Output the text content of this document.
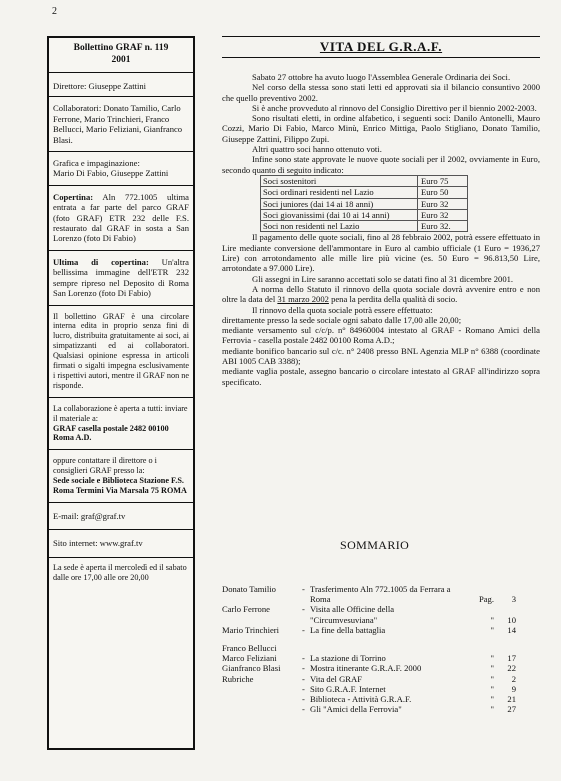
2

Bollettino GRAF n. 119

2001

Direttore: Giuseppe Zattini

Collaboratori: Donato Tamilio, Carlo Ferrone, Mario Trinchieri, Franco Bellucci, Mario Feliziani, Gianfranco Blasi.

Grafica e impaginazione:

Mario Di Fabio, Giuseppe Zattini

Copertina: Aln 772.1005 ultima entrata a far parte del parco GRAF (foto GRAF) ETR 232 delle F.S. restaurato dal GRAF in sosta a San Lorenzo (foto Di Fabio)

Ultima di copertina: Un'altra bellissima immagine dell'ETR 232 sempre ripreso nel Deposito di Roma San Lorenzo (foto Di Fabio)

Il bollettino GRAF è una circolare interna edita in proprio senza fini di lucro, distribuita gratuitamente ai soci, ai simpatizzanti ed ai collaboratori. Qualsiasi opinione espressa in articoli firmati o sigalti impegna esclusivamente i rispettivi autori, mentre il GRAF non ne risponde.

La collaborazione è aperta a tutti: inviare il materiale a:

GRAF casella postale 2482 00100 Roma A.D.

oppure contattare il direttore o i consiglieri GRAF presso la:

Sede sociale e Biblioteca Stazione F.S. Roma Termini Via Marsala 75 ROMA

E-mail: graf@graf.tv

Sito internet: www.graf.tv

La sede è aperta il mercoledì ed il sabato dalle ore 17,00 alle ore 20,00

VITA DEL G.R.A.F.

Sabato 27 ottobre ha avuto luogo l'Assemblea Generale Ordinaria dei Soci.

Nel corso della stessa sono stati letti ed approvati sia il bilancio consuntivo 2000 che quello preventivo 2002.

Si è anche provveduto al rinnovo del Consiglio Direttivo per il biennio 2002-2003.

Sono risultati eletti, in ordine alfabetico, i seguenti soci: Danilo Antonelli, Mauro Cozzi, Mario Di Fabio, Marco Minù, Enrico Mittiga, Paolo Stigliano, Donato Tamilio, Giuseppe Zattini, Filippo Zupi.

Altri quattro soci hanno ottenuto voti.

Infine sono state approvate le nuove quote sociali per il 2002, ovviamente in Euro, secondo quanto di seguito indicato:

Soci sostenitori	Euro 75
Soci ordinari residenti nel Lazio	Euro 50
Soci juniores (dai 14 ai 18 anni)	Euro 32
Soci giovanissimi (dai 10 ai 14 anni)	Euro 32
Soci non residenti nel Lazio	Euro 32.

Il pagamento delle quote sociali, fino al 28 febbraio 2002, potrà essere effettuato in Lire mediante conversione dell'ammontare in Euro al cambio ufficiale (1 Euro = 1936,27 Lire) con arrotondamento alle mille lire più vicine (es. 50 Euro = 96.813,50 Lire, arrotondate a 97.000 Lire).

Gli assegni in Lire saranno accettati solo se datati fino al 31 dicembre 2001.

A norma dello Statuto il rinnovo della quota sociale dovrà avvenire entro e non oltre la data del 31 marzo 2002 pena la perdita della qualità di socio.

Il rinnovo della quota sociale potrà essere effettuato:

direttamente presso la sede sociale ogni sabato dalle 17,00 alle 20,00;

mediante versamento sul c/c/p. n° 84960004 intestato al GRAF - Romano Amici della Ferrovia - casella postale 2482 00100 Roma A.D.;

mediante bonifico bancario sul c/c. n° 2408 presso BNL Agenzia MLP n° 6388 (coordinate ABI 1005 CAB 3388);

mediante vaglia postale, assegno bancario o circolare intestato al GRAF all'indirizzo sopra specificato.

SOMMARIO
Donato Tamilio	- Trasferimento Aln 772.1005 da Ferrara a Roma	Pag.	3
Carlo Ferrone	- Visita alle Officine della "Circumvesuviana"	"	10
Mario Trinchieri	- La fine della battaglia	"	14
Franco Bellucci
Marco Feliziani	- La stazione di Torrino	"	17
Gianfranco Blasi	- Mostra itinerante G.R.A.F. 2000	"	22
Rubriche	- Vita del GRAF	"	2
- Sito G.R.A.F. Internet	"	9
- Biblioteca - Attività G.R.A.F.	"	21
- Gli "Amici della Ferrovia"	"	27
